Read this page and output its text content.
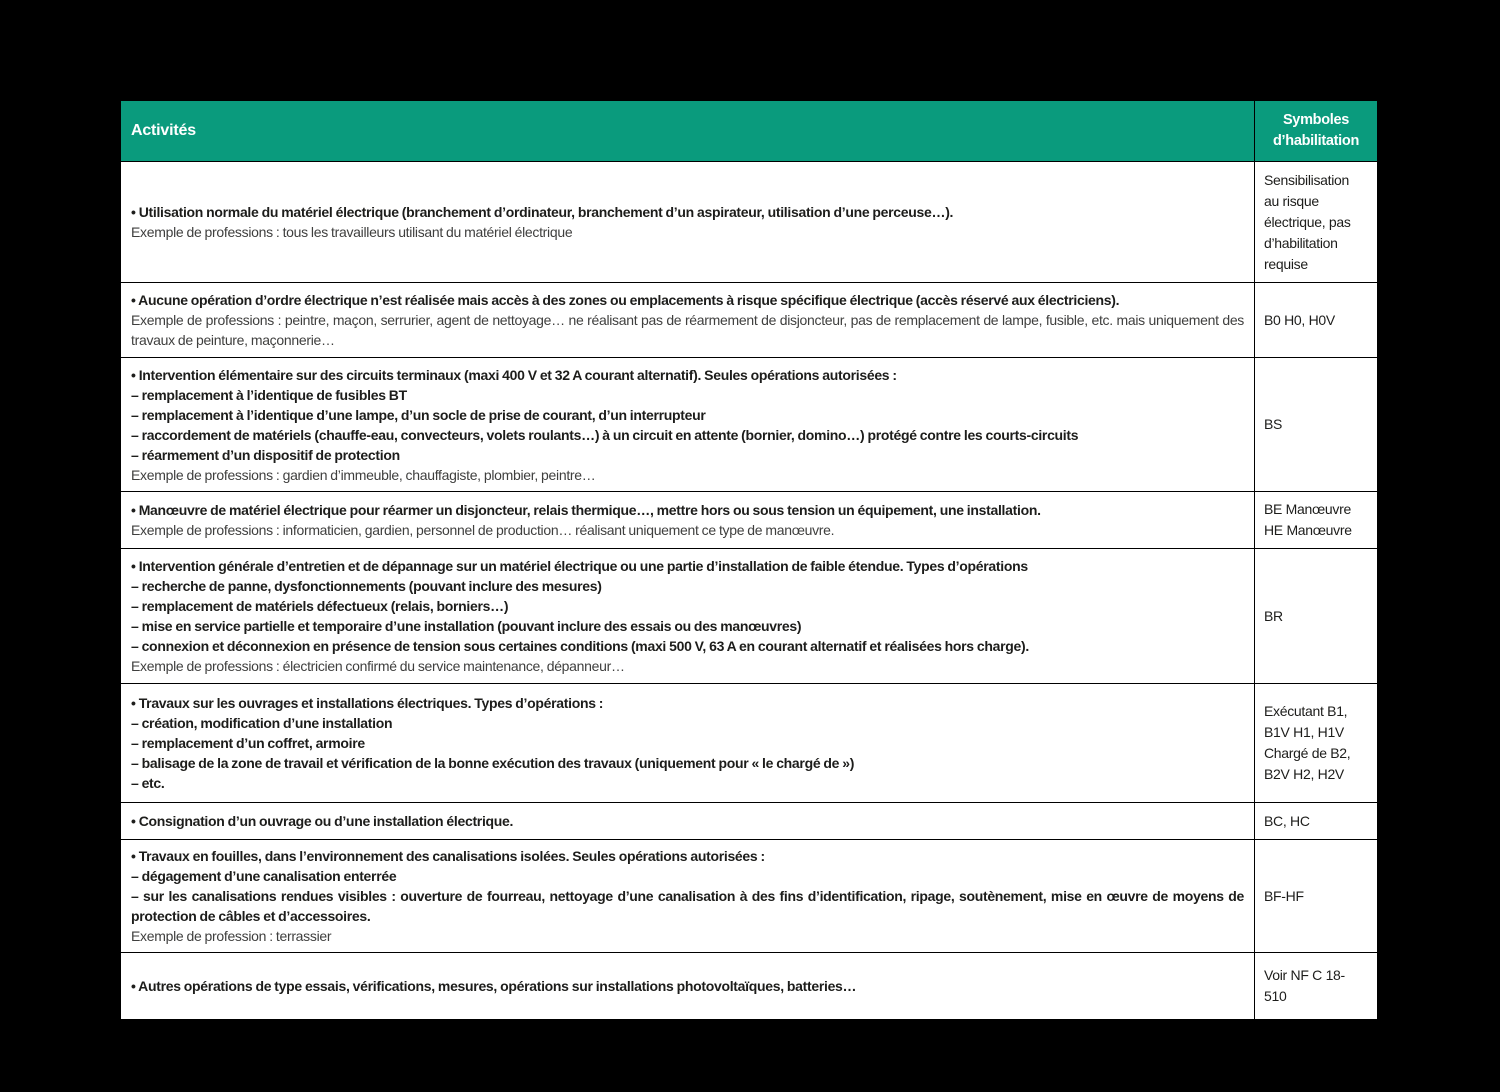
Activités
Symboles
d’habilitation
• Utilisation normale du matériel électrique (branchement d’ordinateur, branchement d’un aspirateur, utilisation d’une perceuse…).
Exemple de professions : tous les travailleurs utilisant du matériel électrique
Sensibilisation
au risque
électrique, pas
d’habilitation
requise
• Aucune opération d’ordre électrique n’est réalisée mais accès à des zones ou emplacements à risque spécifique électrique (accès réservé aux électriciens).
Exemple de professions : peintre, maçon, serrurier, agent de nettoyage… ne réalisant pas de réarmement de disjoncteur, pas de remplacement de lampe, fusible, etc. mais uniquement des travaux de peinture, maçonnerie…
B0 H0, H0V
• Intervention élémentaire sur des circuits terminaux (maxi 400 V et 32 A courant alternatif). Seules opérations autorisées :
– remplacement à l’identique de fusibles BT
– remplacement à l’identique d’une lampe, d’un socle de prise de courant, d’un interrupteur
– raccordement de matériels (chauffe-eau, convecteurs, volets roulants…) à un circuit en attente (bornier, domino…) protégé contre les courts-circuits
– réarmement d’un dispositif de protection
Exemple de professions : gardien d’immeuble, chauffagiste, plombier, peintre…
BS
• Manœuvre de matériel électrique pour réarmer un disjoncteur, relais thermique…, mettre hors ou sous tension un équipement, une installation.
Exemple de professions : informaticien, gardien, personnel de production… réalisant uniquement ce type de manœuvre.
BE Manœuvre
HE Manœuvre
• Intervention générale d’entretien et de dépannage sur un matériel électrique ou une partie d’installation de faible étendue. Types d’opérations
– recherche de panne, dysfonctionnements (pouvant inclure des mesures)
– remplacement de matériels défectueux (relais, borniers…)
– mise en service partielle et temporaire d’une installation (pouvant inclure des essais ou des manœuvres)
– connexion et déconnexion en présence de tension sous certaines conditions (maxi 500 V, 63 A en courant alternatif et réalisées hors charge).
Exemple de professions : électricien confirmé du service maintenance, dépanneur…
BR
• Travaux sur les ouvrages et installations électriques. Types d’opérations :
– création, modification d’une installation
– remplacement d’un coffret, armoire
– balisage de la zone de travail et vérification de la bonne exécution des travaux (uniquement pour « le chargé de »)
– etc.
Exécutant B1,
B1V H1, H1V
Chargé de B2,
B2V H2, H2V
• Consignation d’un ouvrage ou d’une installation électrique.	BC, HC
• Travaux en fouilles, dans l’environnement des canalisations isolées. Seules opérations autorisées :
– dégagement d’une canalisation enterrée
– sur les canalisations rendues visibles : ouverture de fourreau, nettoyage d’une canalisation à des fins d’identification, ripage, soutènement, mise en œuvre de moyens de protection de câbles et d’accessoires.
Exemple de profession : terrassier
BF-HF
• Autres opérations de type essais, vérifications, mesures, opérations sur installations photovoltaïques, batteries…
Voir NF C 18-
510
